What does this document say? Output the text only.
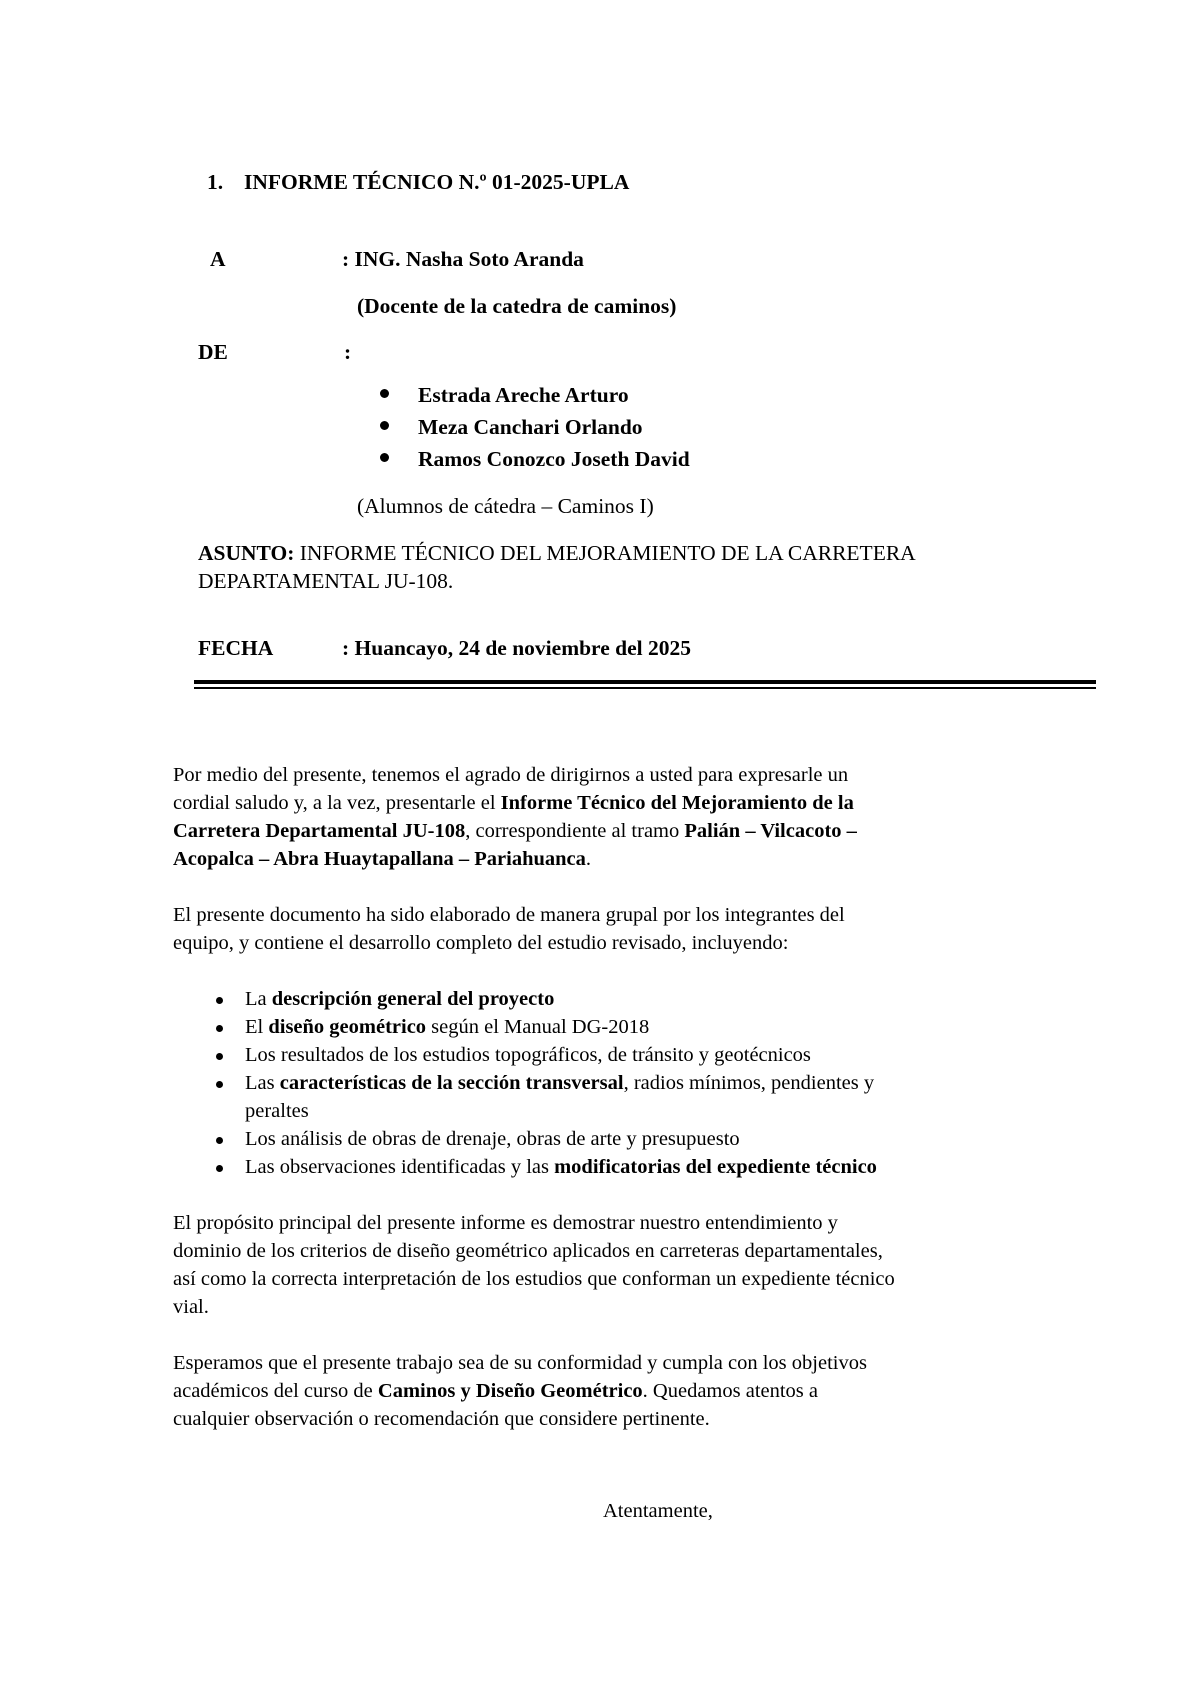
1. INFORME TÉCNICO N.º 01-2025-UPLA
A	: ING. Nasha Soto Aranda
(Docente de la catedra de caminos)
DE	:
Estrada Areche Arturo
Meza Canchari Orlando
Ramos Conozco Joseth David
(Alumnos de cátedra – Caminos I)
ASUNTO: INFORME TÉCNICO DEL MEJORAMIENTO DE LA CARRETERA
DEPARTAMENTAL JU-108.
FECHA	: Huancayo, 24 de noviembre del 2025

Por medio del presente, tenemos el agrado de dirigirnos a usted para expresarle un
cordial saludo y, a la vez, presentarle el Informe Técnico del Mejoramiento de la
Carretera Departamental JU-108, correspondiente al tramo Palián – Vilcacoto –
Acopalca – Abra Huaytapallana – Pariahuanca.

El presente documento ha sido elaborado de manera grupal por los integrantes del
equipo, y contiene el desarrollo completo del estudio revisado, incluyendo:

La descripción general del proyecto
El diseño geométrico según el Manual DG-2018
Los resultados de los estudios topográficos, de tránsito y geotécnicos
Las características de la sección transversal, radios mínimos, pendientes y
peraltes
Los análisis de obras de drenaje, obras de arte y presupuesto
Las observaciones identificadas y las modificatorias del expediente técnico

El propósito principal del presente informe es demostrar nuestro entendimiento y
dominio de los criterios de diseño geométrico aplicados en carreteras departamentales,
así como la correcta interpretación de los estudios que conforman un expediente técnico
vial.

Esperamos que el presente trabajo sea de su conformidad y cumpla con los objetivos
académicos del curso de Caminos y Diseño Geométrico. Quedamos atentos a
cualquier observación o recomendación que considere pertinente.

Atentamente,
